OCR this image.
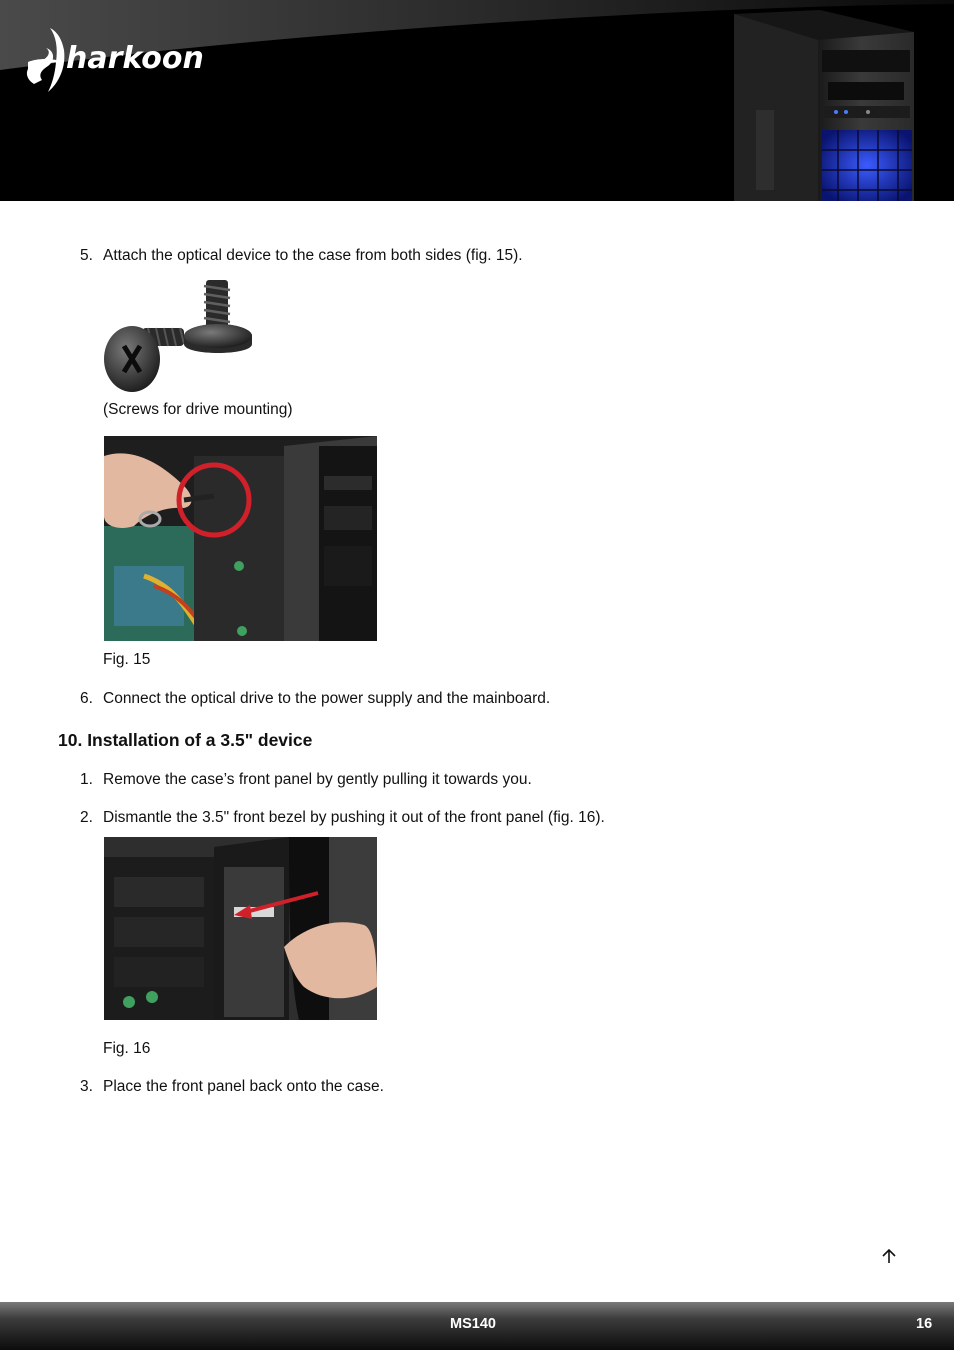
harkoon
5. Attach the optical device to the case from both sides (fig. 15).
(Screws for drive mounting)
Fig. 15
6. Connect the optical drive to the power supply and the mainboard.
10. Installation of a 3.5" device
1. Remove the case’s front panel by gently pulling it towards you.
2. Dismantle the 3.5" front bezel by pushing it out of the front panel (fig. 16).
Fig. 16
3. Place the front panel back onto the case.
MS140	16
